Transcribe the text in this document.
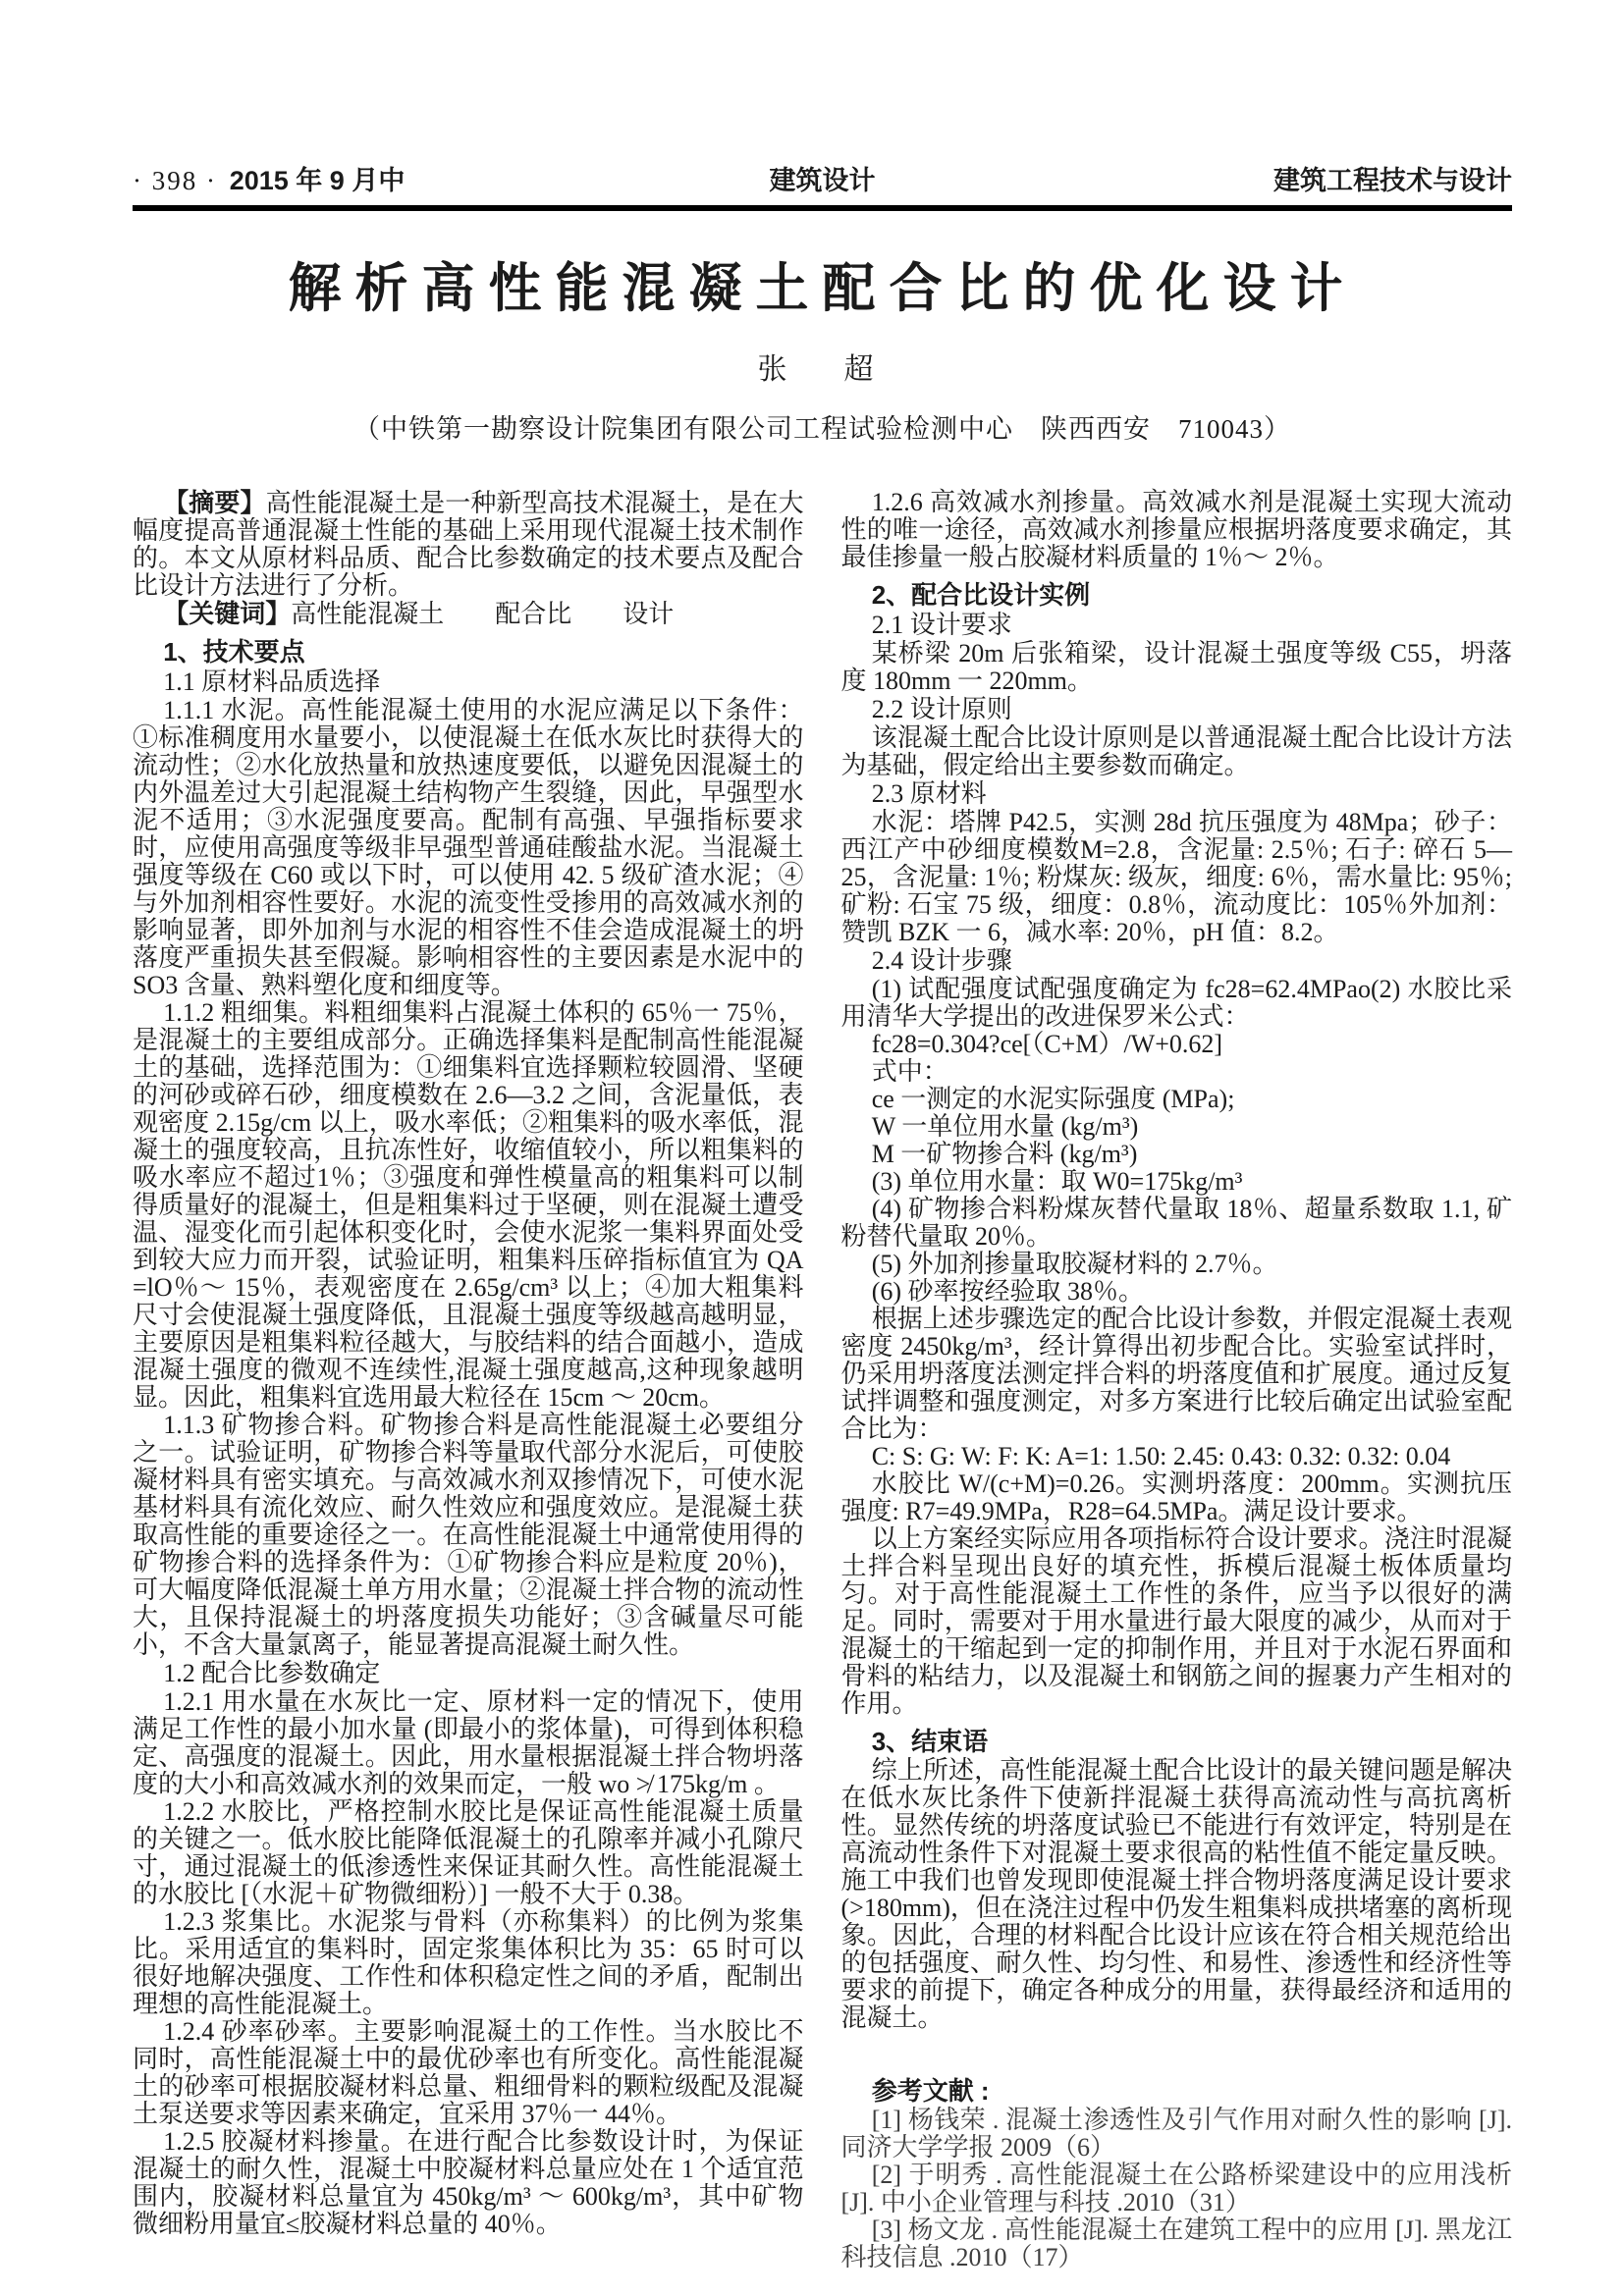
· 398 · 2015 年 9 月中	建筑设计	建筑工程技术与设计
解析高性能混凝土配合比的优化设计
张　超
（中铁第一勘察设计院集团有限公司工程试验检测中心　陕西西安　710043）

【摘要】高性能混凝土是一种新型高技术混凝土，是在大幅度提高普通混凝土性能的基础上采用现代混凝土技术制作的。本文从原材料品质、配合比参数确定的技术要点及配合比设计方法进行了分析。

【关键词】高性能混凝土　　配合比　　设计

1、技术要点

1.1 原材料品质选择

1.1.1 水泥。高性能混凝土使用的水泥应满足以下条件：①标准稠度用水量要小，以使混凝土在低水灰比时获得大的流动性；②水化放热量和放热速度要低，以避免因混凝土的内外温差过大引起混凝土结构物产生裂缝，因此，早强型水泥不适用；③水泥强度要高。配制有高强、早强指标要求时，应使用高强度等级非早强型普通硅酸盐水泥。当混凝土强度等级在 C60 或以下时，可以使用 42. 5 级矿渣水泥；④与外加剂相容性要好。水泥的流变性受掺用的高效减水剂的影响显著，即外加剂与水泥的相容性不佳会造成混凝土的坍落度严重损失甚至假凝。影响相容性的主要因素是水泥中的 SO3 含量、熟料塑化度和细度等。

1.1.2 粗细集。料粗细集料占混凝土体积的 65％一 75％，是混凝土的主要组成部分。正确选择集料是配制高性能混凝土的基础，选择范围为：①细集料宜选择颗粒较圆滑、坚硬的河砂或碎石砂，细度模数在 2.6—3.2 之间，含泥量低，表观密度 2.15g/cm 以上，吸水率低；②粗集料的吸水率低，混凝土的强度较高，且抗冻性好，收缩值较小，所以粗集料的吸水率应不超过1％；③强度和弹性模量高的粗集料可以制得质量好的混凝土，但是粗集料过于坚硬，则在混凝土遭受温、湿变化而引起体积变化时，会使水泥浆一集料界面处受到较大应力而开裂，试验证明，粗集料压碎指标值宜为 QA =lO％～ 15％，表观密度在 2.65g/cm³ 以上；④加大粗集料尺寸会使混凝土强度降低，且混凝土强度等级越高越明显，主要原因是粗集料粒径越大，与胶结料的结合面越小，造成混凝土强度的微观不连续性,混凝土强度越高,这种现象越明显。因此，粗集料宜选用最大粒径在 15cm ～ 20cm。

1.1.3 矿物掺合料。矿物掺合料是高性能混凝土必要组分之一。试验证明，矿物掺合料等量取代部分水泥后，可使胶凝材料具有密实填充。与高效减水剂双掺情况下，可使水泥基材料具有流化效应、耐久性效应和强度效应。是混凝土获取高性能的重要途径之一。在高性能混凝土中通常使用得的矿物掺合料的选择条件为：①矿物掺合料应是粒度 20％)，可大幅度降低混凝土单方用水量；②混凝土拌合物的流动性大，且保持混凝土的坍落度损失功能好；③含碱量尽可能小，不含大量氯离子，能显著提高混凝土耐久性。

1.2 配合比参数确定

1.2.1 用水量在水灰比一定、原材料一定的情况下，使用满足工作性的最小加水量 (即最小的浆体量)，可得到体积稳定、高强度的混凝土。因此，用水量根据混凝土拌合物坍落度的大小和高效减水剂的效果而定，一般 wo ≯ 175kg/m 。

1.2.2 水胶比，严格控制水胶比是保证高性能混凝土质量的关键之一。低水胶比能降低混凝土的孔隙率并减小孔隙尺寸，通过混凝土的低渗透性来保证其耐久性。高性能混凝土的水胶比 [（水泥＋矿物微细粉）] 一般不大于 0.38。

1.2.3 浆集比。水泥浆与骨料（亦称集料）的比例为浆集比。采用适宜的集料时，固定浆集体积比为 35：65 时可以很好地解决强度、工作性和体积稳定性之间的矛盾，配制出理想的高性能混凝土。

1.2.4 砂率砂率。主要影响混凝土的工作性。当水胶比不同时，高性能混凝土中的最优砂率也有所变化。高性能混凝土的砂率可根据胶凝材料总量、粗细骨料的颗粒级配及混凝土泵送要求等因素来确定，宜采用 37％一 44％。

1.2.5 胶凝材料掺量。在进行配合比参数设计时，为保证混凝土的耐久性，混凝土中胶凝材料总量应处在 1 个适宜范围内，胶凝材料总量宜为 450kg/m³ ～ 600kg/m³，其中矿物微细粉用量宜≤胶凝材料总量的 40％。

1.2.6 高效减水剂掺量。高效减水剂是混凝土实现大流动性的唯一途径，高效减水剂掺量应根据坍落度要求确定，其最佳掺量一般占胶凝材料质量的 1％～ 2％。

2、配合比设计实例

2.1 设计要求

某桥梁 20m 后张箱梁，设计混凝土强度等级 C55，坍落度 180mm 一 220mm。

2.2 设计原则

该混凝土配合比设计原则是以普通混凝土配合比设计方法为基础，假定给出主要参数而确定。

2.3 原材料

水泥：塔牌 P42.5，实测 28d 抗压强度为 48Mpa；砂子：西江产中砂细度模数M=2.8，含泥量: 2.5％; 石子: 碎石 5—25，含泥量: 1％; 粉煤灰: 级灰，细度: 6％，需水量比: 95％; 矿粉: 石宝 75 级，细度：0.8％，流动度比：105％外加剂：赞凯 BZK 一 6，减水率: 20％，pH 值：8.2。

2.4 设计步骤

(1) 试配强度试配强度确定为 fc28=62.4MPao(2) 水胶比采用清华大学提出的改进保罗米公式：

fc28=0.304?ce[（C+M）/W+0.62]

式中：

ce 一测定的水泥实际强度 (MPa);

W 一单位用水量 (kg/m³)

M 一矿物掺合料 (kg/m³)

(3) 单位用水量：取 W0=175kg/m³

(4) 矿物掺合料粉煤灰替代量取 18％、超量系数取 1.1, 矿粉替代量取 20％。

(5) 外加剂掺量取胶凝材料的 2.7％。

(6) 砂率按经验取 38％。

根据上述步骤选定的配合比设计参数，并假定混凝土表观密度 2450kg/m³，经计算得出初步配合比。实验室试拌时，仍采用坍落度法测定拌合料的坍落度值和扩展度。通过反复试拌调整和强度测定，对多方案进行比较后确定出试验室配合比为：

C: S: G: W: F: K: A=1: 1.50: 2.45: 0.43: 0.32: 0.32: 0.04

水胶比 W/(c+M)=0.26。实测坍落度：200mm。实测抗压强度: R7=49.9MPa，R28=64.5MPa。满足设计要求。

以上方案经实际应用各项指标符合设计要求。浇注时混凝土拌合料呈现出良好的填充性，拆模后混凝土板体质量均匀。对于高性能混凝土工作性的条件，应当予以很好的满足。同时，需要对于用水量进行最大限度的减少，从而对于混凝土的干缩起到一定的抑制作用，并且对于水泥石界面和骨料的粘结力，以及混凝土和钢筋之间的握裹力产生相对的作用。

3、结束语

综上所述，高性能混凝土配合比设计的最关键问题是解决在低水灰比条件下使新拌混凝土获得高流动性与高抗离析性。显然传统的坍落度试验已不能进行有效评定，特别是在高流动性条件下对混凝土要求很高的粘性值不能定量反映。施工中我们也曾发现即使混凝土拌合物坍落度满足设计要求 (>180mm)，但在浇注过程中仍发生粗集料成拱堵塞的离析现象。因此，合理的材料配合比设计应该在符合相关规范给出的包括强度、耐久性、均匀性、和易性、渗透性和经济性等要求的前提下，确定各种成分的用量，获得最经济和适用的混凝土。

参考文献 :

[1] 杨钱荣 . 混凝土渗透性及引气作用对耐久性的影响 [J]. 同济大学学报 2009（6）

[2] 于明秀 . 高性能混凝土在公路桥梁建设中的应用浅析 [J]. 中小企业管理与科技 .2010（31）

[3] 杨文龙 . 高性能混凝土在建筑工程中的应用 [J]. 黑龙江科技信息 .2010（17）
